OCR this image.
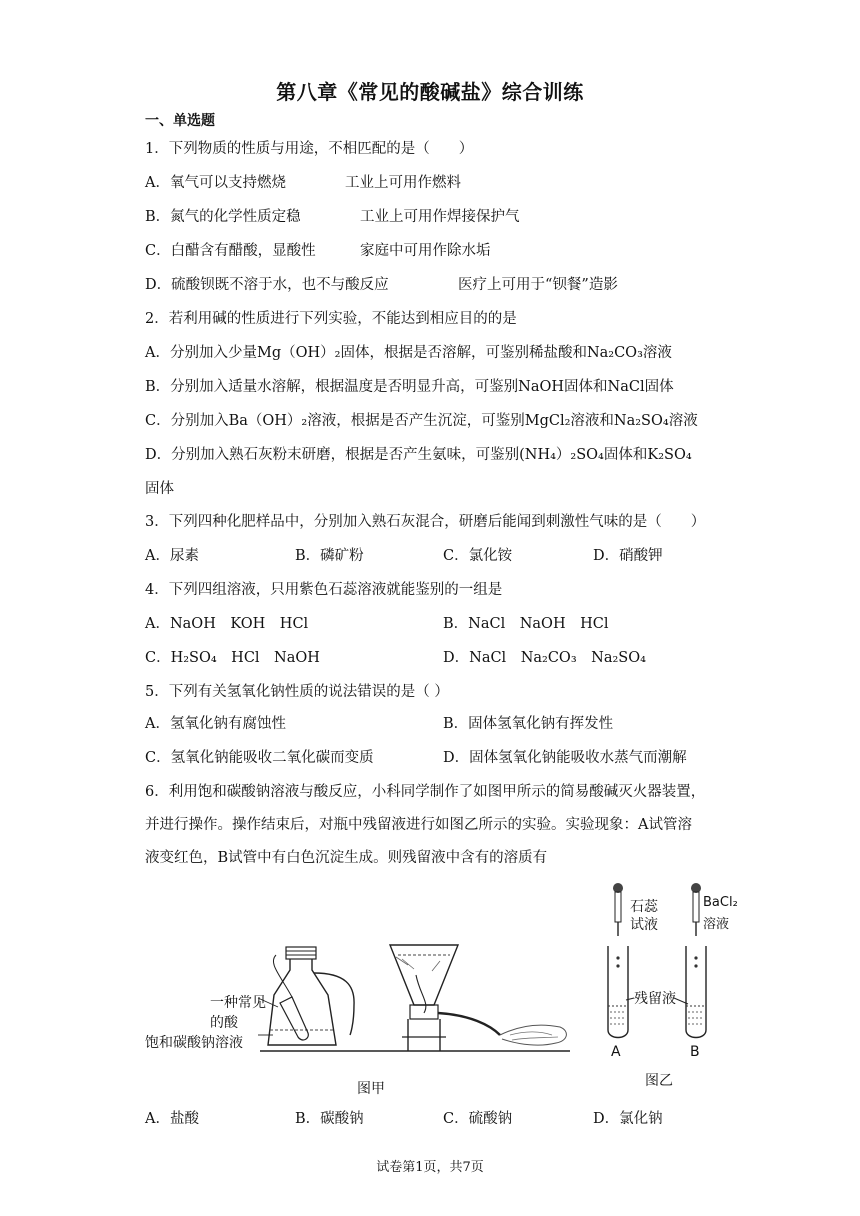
第八章《常见的酸碱盐》综合训练
一、单选题
1．下列物质的性质与用途，不相匹配的是（　　）
A．氧气可以支持燃烧	工业上可用作燃料
B．氮气的化学性质定稳	工业上可用作焊接保护气
C．白醋含有醋酸，显酸性	家庭中可用作除水垢
D．硫酸钡既不溶于水，也不与酸反应	医疗上可用于“钡餐”造影
2．若利用碱的性质进行下列实验，不能达到相应目的的是
A．分别加入少量Mg（OH）₂固体，根据是否溶解，可鉴别稀盐酸和Na₂CO₃溶液
B．分别加入适量水溶解，根据温度是否明显升高，可鉴别NaOH固体和NaCl固体
C．分别加入Ba（OH）₂溶液，根据是否产生沉淀，可鉴别MgCl₂溶液和Na₂SO₄溶液
D．分别加入熟石灰粉末研磨，根据是否产生氨味，可鉴别(NH₄）₂SO₄固体和K₂SO₄
固体
3．下列四种化肥样品中，分别加入熟石灰混合，研磨后能闻到刺激性气味的是（　　）
A．尿素	B．磷矿粉	C．氯化铵	D．硝酸钾
4．下列四组溶液，只用紫色石蕊溶液就能鉴别的一组是
A．NaOH　KOH　HCl	B．NaCl　NaOH　HCl
C．H₂SO₄　HCl　NaOH	D．NaCl　Na₂CO₃　Na₂SO₄
5．下列有关氢氧化钠性质的说法错误的是（ ）
A．氢氧化钠有腐蚀性	B．固体氢氧化钠有挥发性
C．氢氧化钠能吸收二氧化碳而变质	D．固体氢氧化钠能吸收水蒸气而潮解
6．利用饱和碳酸钠溶液与酸反应，小科同学制作了如图甲所示的简易酸碱灭火器装置，
并进行操作。操作结束后，对瓶中残留液进行如图乙所示的实验。实验现象：A试管溶
液变红色，B试管中有白色沉淀生成。则残留液中含有的溶质有
一种常见
的酸
饱和碳酸钠溶液
图甲
石蕊
试液
BaCl₂
溶液
残留液
A	B
图乙
A．盐酸	B．碳酸钠	C．硫酸钠	D．氯化钠
试卷第1页，共7页
